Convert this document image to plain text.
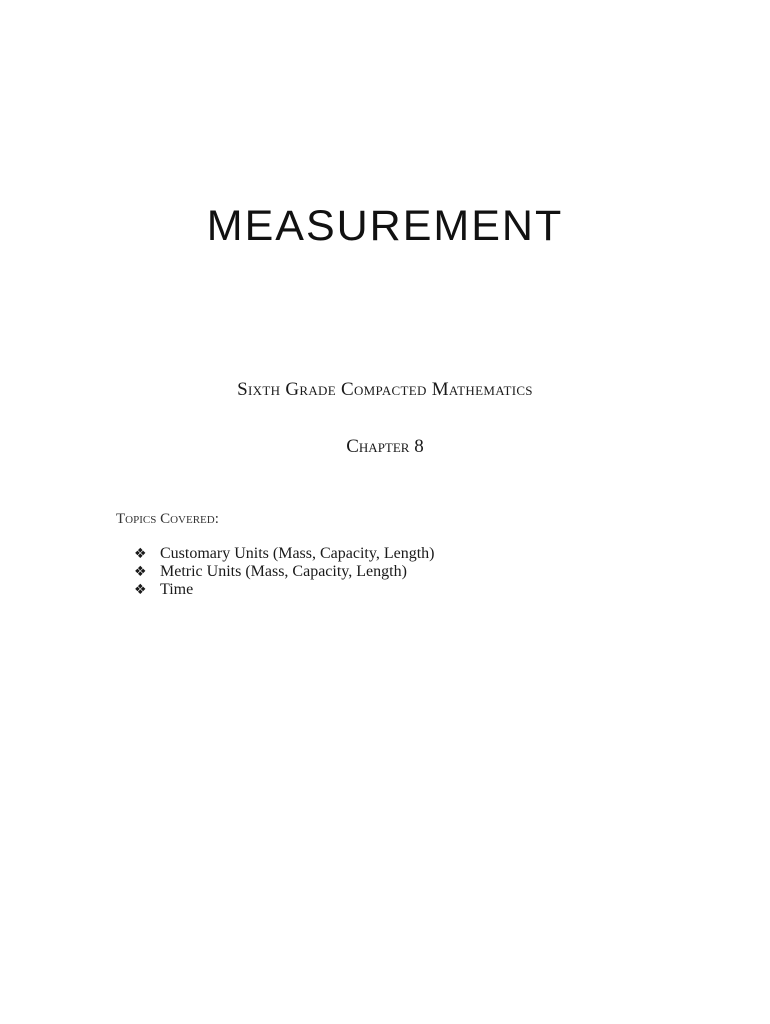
MEASUREMENT

Sixth Grade Compacted Mathematics

Chapter 8

Topics Covered:

❖ Customary Units (Mass, Capacity, Length)
❖ Metric Units (Mass, Capacity, Length)
❖ Time
